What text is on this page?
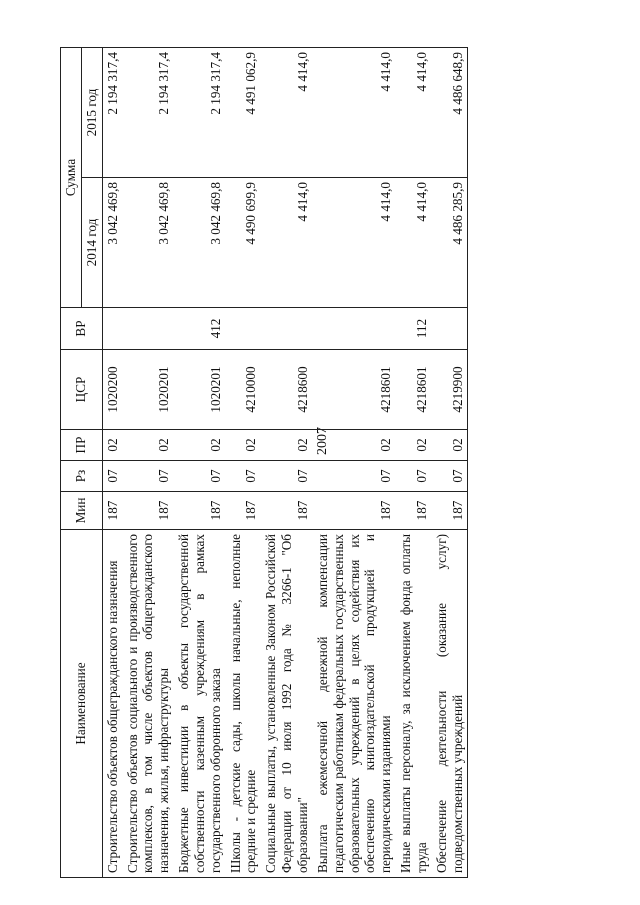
2007
Наименование	Мин	Рз	ПР	ЦСР	ВР	Сумма	
						2014 год	2015 год
Строительство объектов общегражданского назначения	187	07	02	1020200		3 042 469,8	2 194 317,4
Строительство объектов социального и производственного комплексов, в том числе объектов общегражданского назначения, жилья, инфраструктуры	187	07	02	1020201		3 042 469,8	2 194 317,4
Бюджетные инвестиции в объекты государственной собственности казенным учреждениям в рамках государственного оборонного заказа	187	07	02	1020201	412	3 042 469,8	2 194 317,4
Школы - детские сады, школы начальные, неполные средние и средние	187	07	02	4210000		4 490 699,9	4 491 062,9
Социальные выплаты, установленные Законом Российской Федерации от 10 июля 1992 года № 3266-1 "Об образовании"	187	07	02	4218600		4 414,0	4 414,0
Выплата ежемесячной денежной компенсации педагогическим работникам федеральных государственных образовательных учреждений в целях содействия их обеспечению книгоиздательской продукцией и периодическими изданиями	187	07	02	4218601		4 414,0	4 414,0
Иные выплаты персоналу, за исключением фонда оплаты труда	187	07	02	4218601	112	4 414,0	4 414,0
Обеспечение деятельности (оказание услуг) подведомственных учреждений	187	07	02	4219900		4 486 285,9	4 486 648,9
